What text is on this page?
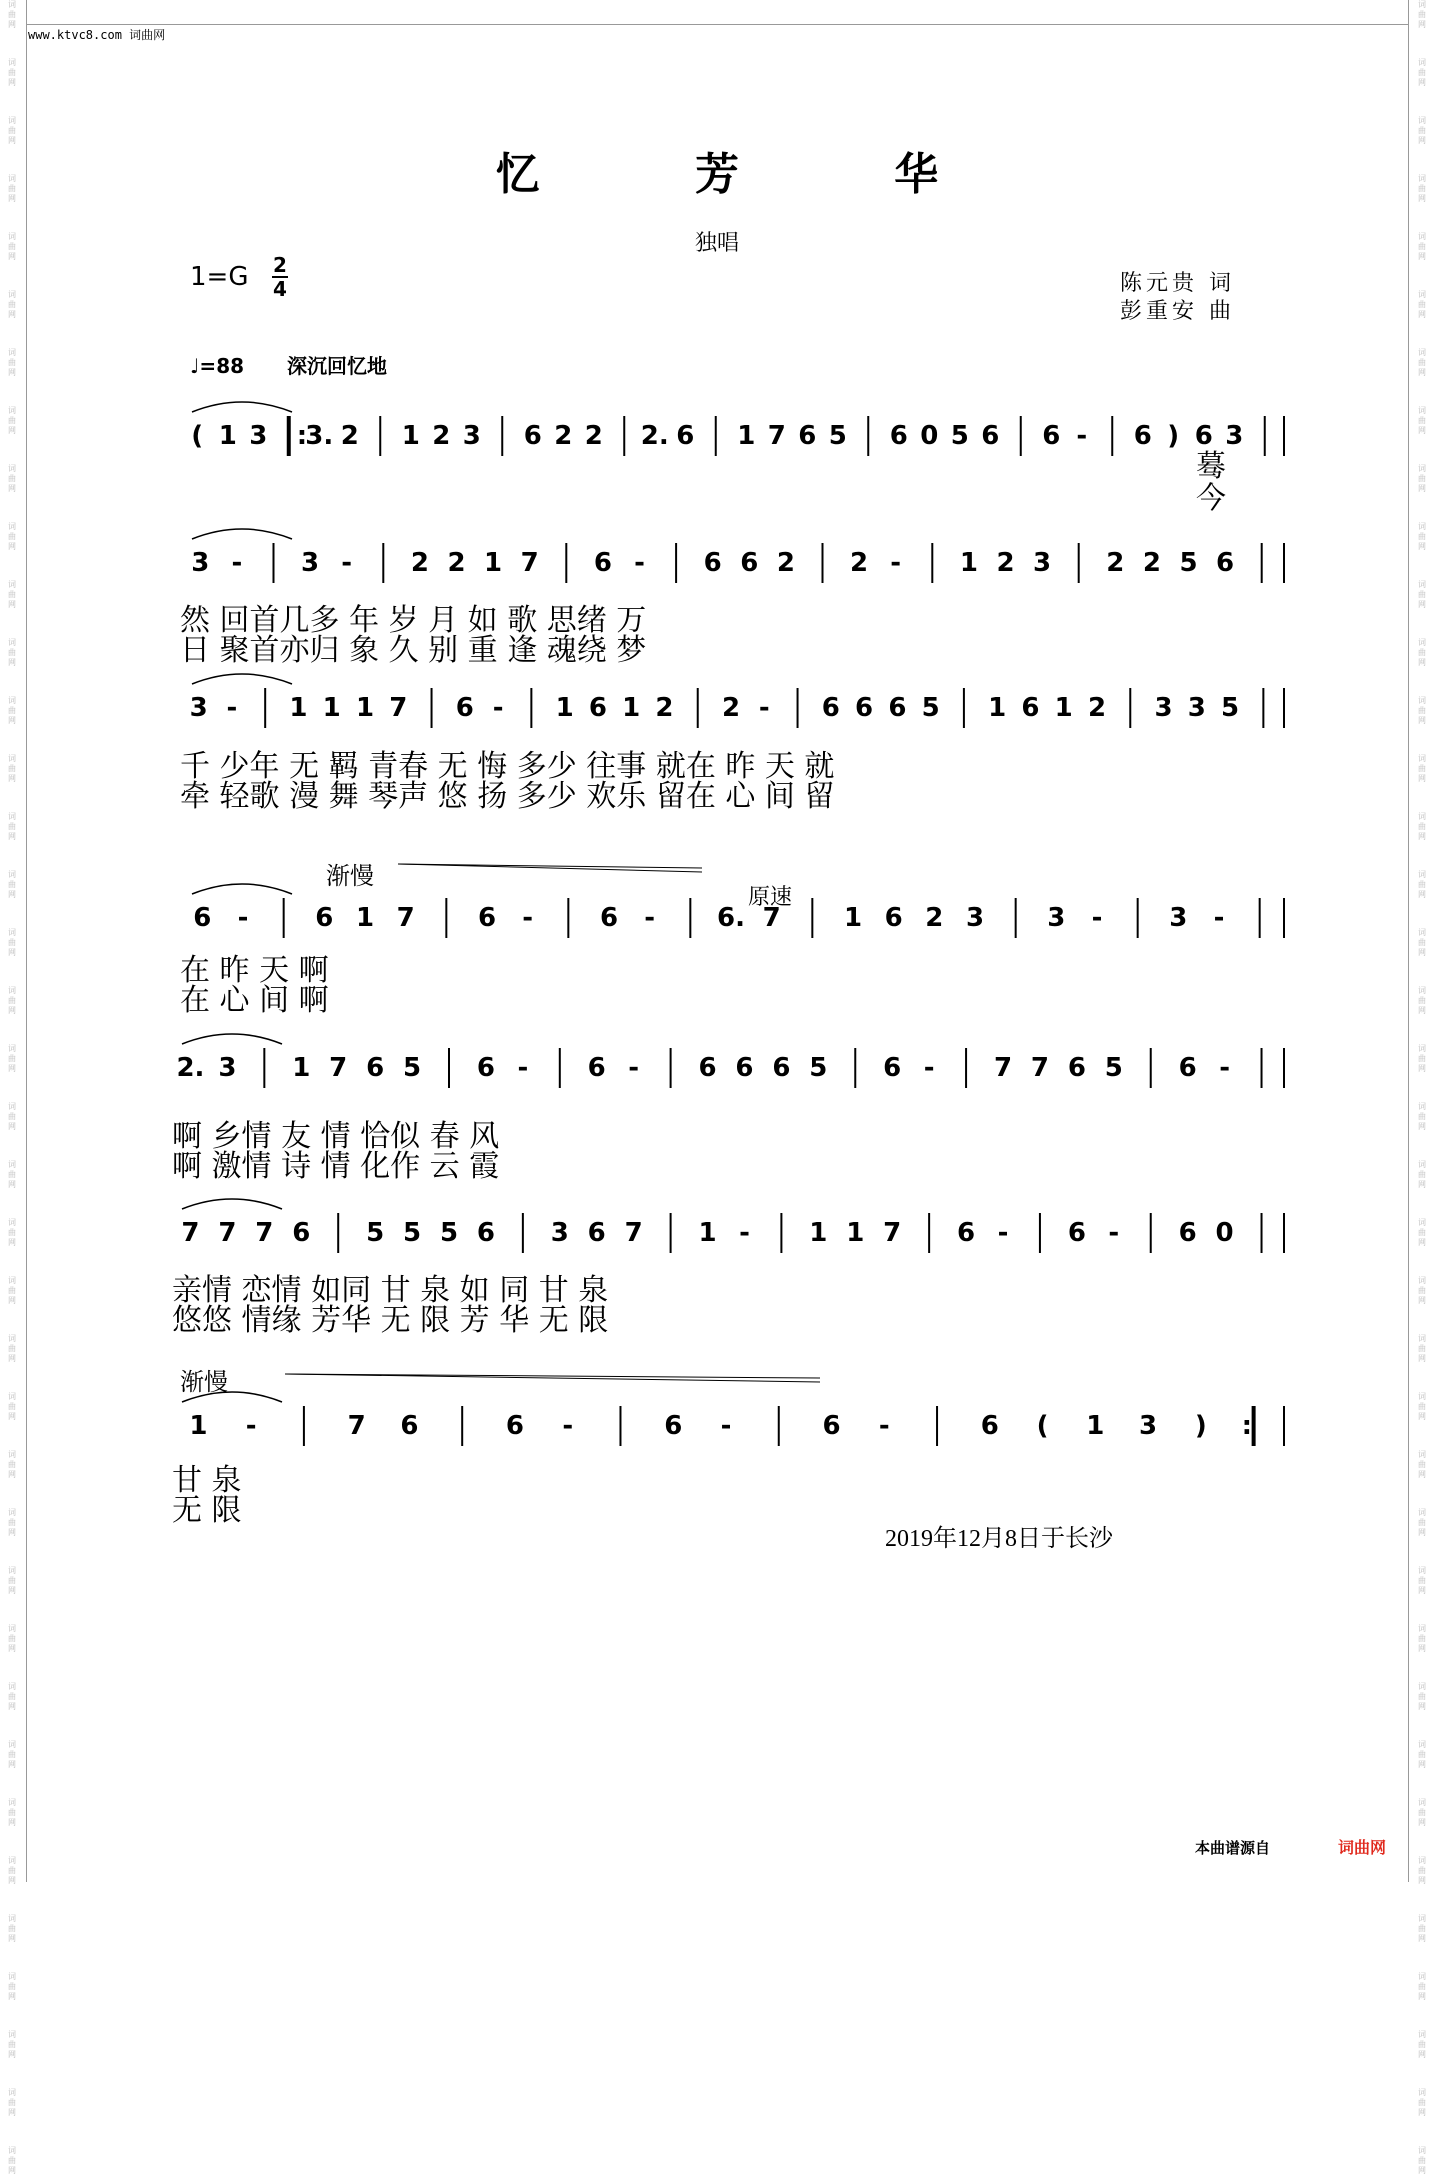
词
曲
网
词
曲
网
词
曲
网
词
曲
网
词
曲
网
词
曲
网
词
曲
网
词
曲
网
词
曲
网
词
曲
网
词
曲
网
词
曲
网
词
曲
网
词
曲
网
词
曲
网
词
曲
网
词
曲
网
词
曲
网
词
曲
网
词
曲
网
词
曲
网
词
曲
网
词
曲
网
词
曲
网
词
曲
网
词
曲
网
词
曲
网
词
曲
网
词
曲
网
词
曲
网
词
曲
网
词
曲
网
词
曲
网
词
曲
网
词
曲
网
词
曲
网
词
曲
网
词
曲
网
词
曲
网
词
曲
网
词
曲
网
词
曲
网
词
曲
网
词
曲
网
词
曲
网
词
曲
网
词
曲
网
词
曲
网
词
曲
网
词
曲
网
词
曲
网
词
曲
网
词
曲
网
词
曲
网
词
曲
网
词
曲
网
词
曲
网
词
曲
网
词
曲
网
词
曲
网
词
曲
网
词
曲
网
词
曲
网
词
曲
网
词
曲
网
词
曲
网
词
曲
网
词
曲
网
词
曲
网
词
曲
网
词
曲
网
词
曲
网
词
曲
网
词
曲
网
词
曲
网
词
曲
网
www.ktvc8.com 词曲网
忆 芳 华
独唱
1=G 2
4	陈元贵 词
彭重安 曲
♩=88 深沉回忆地
( 1 3 :
3. 2 1 2 3 6 2 2 2. 6 1 7 6 5 6 0 5 6 6 - 6 ) 6 3
蓦
今
3 - 3 - 2 2 1 7 6 - 6 6 2 2 - 1 2 3 2 2 5 6
然 回首几多 年 岁 月 如 歌 思绪 万
日 聚首亦归 象 久 别 重 逢 魂绕 梦
3 - 1 1 1 7 6 - 1 6 1 2 2 - 6 6 6 5 1 6 1 2 3 3 5
千 少年 无 羁 青春 无 悔 多少 往事 就在 昨 天 就
牵 轻歌 漫 舞 琴声 悠 扬 多少 欢乐 留在 心 间 留
渐慢
原速
6 -	6 1 7 6 -	6 - 6. 7 1 6 2 3 3 -	3 -
在 昨 天 啊
在 心 间 啊
2. 3 1 7 6 5 6 - 6 - 6 6 6 5 6 - 7 7 6 5 6 -
啊 乡情 友 情 恰似 春 风
啊 激情 诗 情 化作 云 霞
7 7 7 6 5 5 5 6 3 6 7 1 - 1 1 7 6 - 6 - 6 0
亲情 恋情 如同 甘 泉 如 同 甘 泉
悠悠 情缘 芳华 无 限 芳 华 无 限
渐慢
1 -	7 6	6 -	6 -	6 -	6 ( 1 3 ) :
甘 泉
无 限
2019年12月8日于长沙
本曲谱源自	词曲网
